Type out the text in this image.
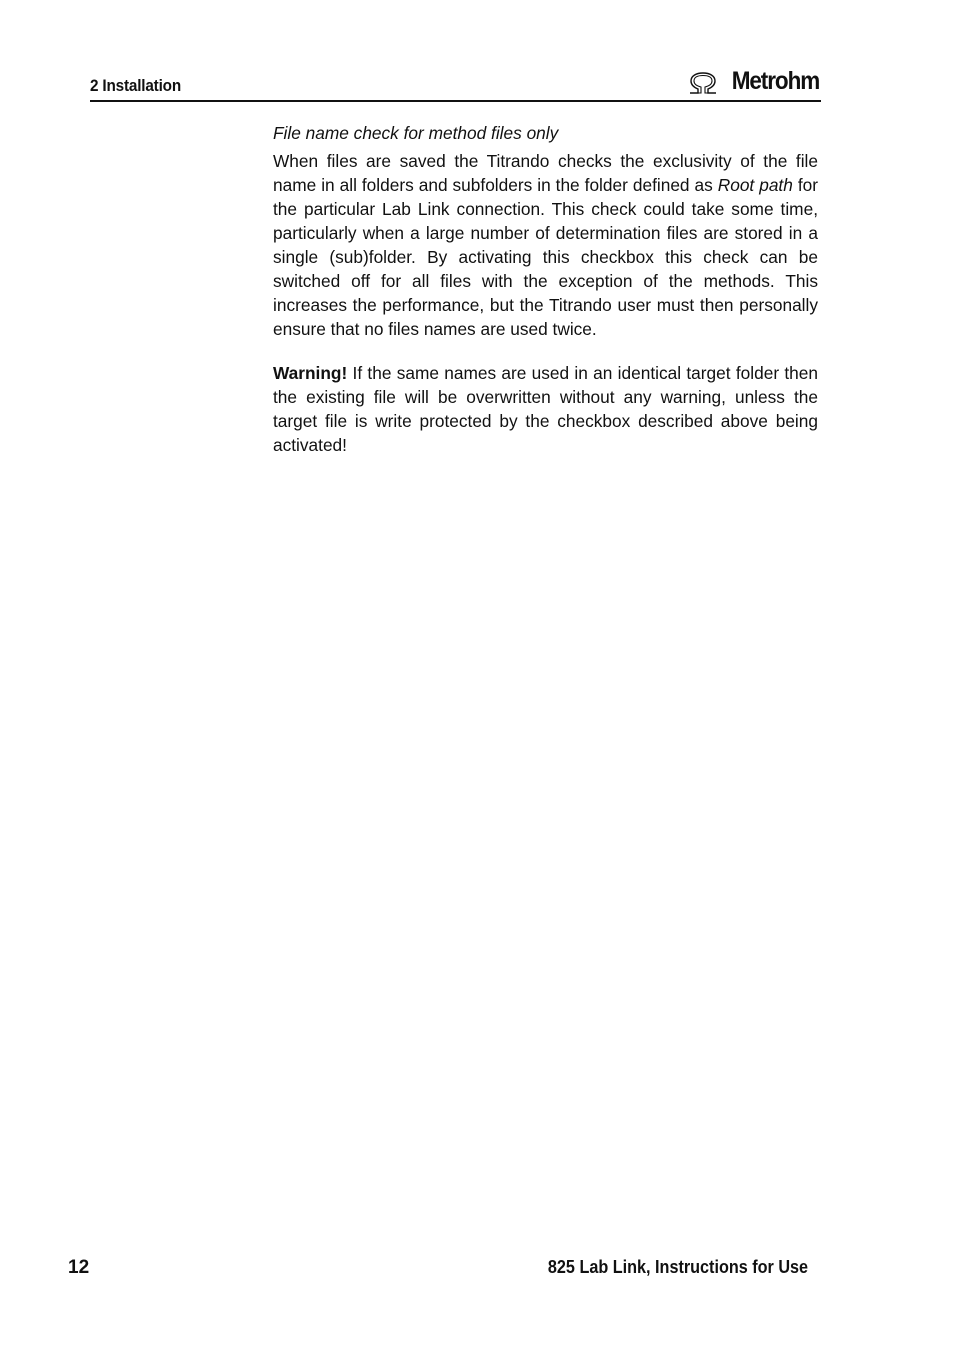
2 Installation	Metrohm

File name check for method files only

When files are saved the Titrando checks the exclusivity of the file name in all folders and subfolders in the folder defined as Root path for the particular Lab Link connection. This check could take some time, particularly when a large number of determination files are stored in a single (sub)folder. By activating this checkbox this check can be switched off for all files with the exception of the methods. This increases the performance, but the Titrando user must then personally ensure that no files names are used twice.

Warning! If the same names are used in an identical target folder then the existing file will be overwritten without any warning, unless the target file is write protected by the checkbox described above being activated!

12	825 Lab Link, Instructions for Use
